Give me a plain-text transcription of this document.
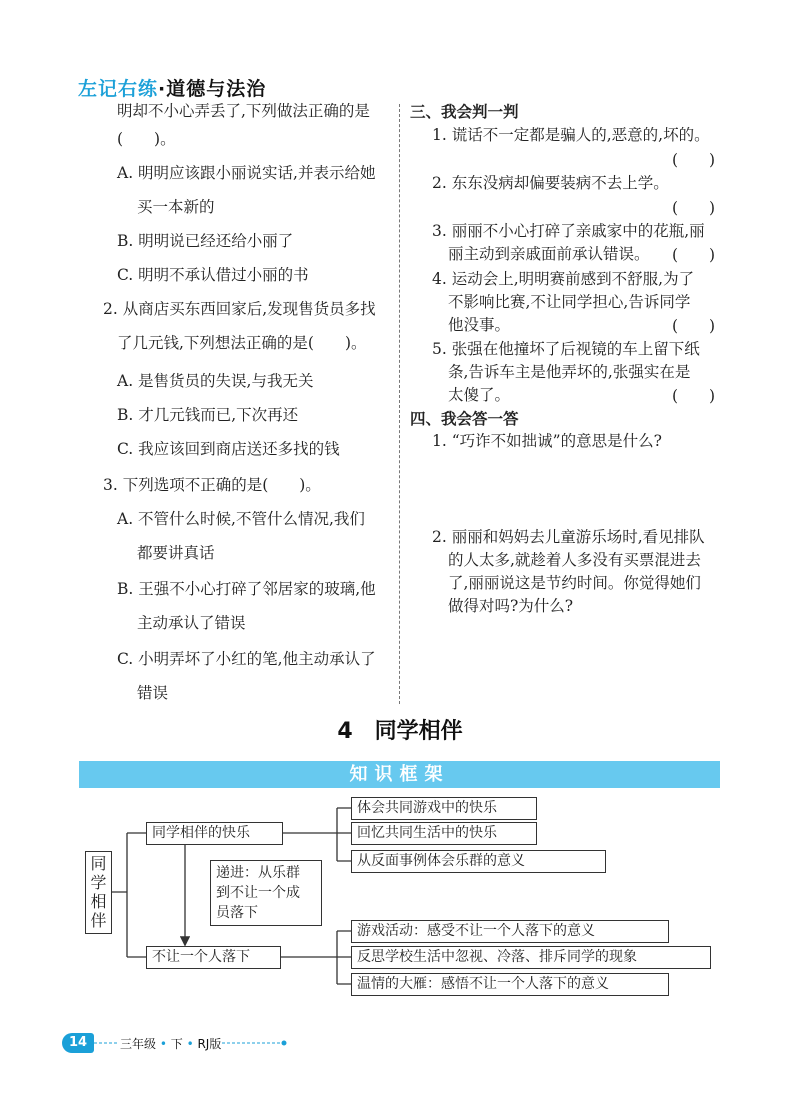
左记右练·道德与法治
明却不小心弄丢了,下列做法正确的是
(　　)。
A. 明明应该跟小丽说实话,并表示给她
买一本新的
B. 明明说已经还给小丽了
C. 明明不承认借过小丽的书
2. 从商店买东西回家后,发现售货员多找
了几元钱,下列想法正确的是(　　)。
A. 是售货员的失误,与我无关
B. 才几元钱而已,下次再还
C. 我应该回到商店送还多找的钱
3. 下列选项不正确的是(　　)。
A. 不管什么时候,不管什么情况,我们
都要讲真话
B. 王强不小心打碎了邻居家的玻璃,他
主动承认了错误
C. 小明弄坏了小红的笔,他主动承认了
错误
三、我会判一判
1. 谎话不一定都是骗人的,恶意的,坏的。
(　　)
2. 东东没病却偏要装病不去上学。
(　　)
3. 丽丽不小心打碎了亲戚家中的花瓶,丽
丽主动到亲戚面前承认错误。 (　　)
4. 运动会上,明明赛前感到不舒服,为了
不影响比赛,不让同学担心,告诉同学
他没事。	(　　)
5. 张强在他撞坏了后视镜的车上留下纸
条,告诉车主是他弄坏的,张强实在是
太傻了。	(　　)
四、我会答一答
1. “巧诈不如拙诚”的意思是什么?
2. 丽丽和妈妈去儿童游乐场时,看见排队
的人太多,就趁着人多没有买票混进去
了,丽丽说这是节约时间。你觉得她们
做得对吗?为什么?
4　同学相伴
知识框架
同学相伴
同学相伴的快乐
体会共同游戏中的快乐
回忆共同生活中的快乐
从反面事例体会乐群的意义
递进：从乐群
到不让一个成
员落下
不让一个人落下
游戏活动：感受不让一个人落下的意义
反思学校生活中忽视、冷落、排斥同学的现象
温情的大雁：感悟不让一个人落下的意义
14	三年级 • 下 • RJ版
